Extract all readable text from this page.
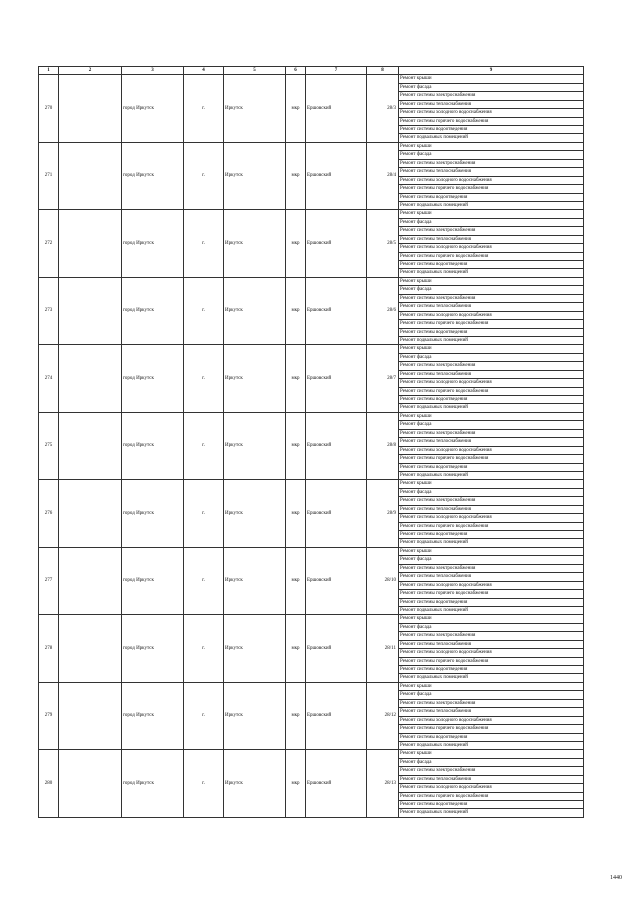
1	2	3	4	5	6	7	8	9
270		город Иркутск	г.	Иркутск	мкр	Ершовский	28/3	Ремонт крыши
								Ремонт фасада
								Ремонт системы электроснабжения
								Ремонт системы теплоснабжения
								Ремонт системы холодного водоснабжения
								Ремонт системы горячего водоснабжения
								Ремонт системы водоотведения
								Ремонт подвальных помещений
271		город Иркутск	г.	Иркутск	мкр	Ершовский	28/4	Ремонт крыши
								Ремонт фасада
								Ремонт системы электроснабжения
								Ремонт системы теплоснабжения
								Ремонт системы холодного водоснабжения
								Ремонт системы горячего водоснабжения
								Ремонт системы водоотведения
								Ремонт подвальных помещений
272		город Иркутск	г.	Иркутск	мкр	Ершовский	28/5	Ремонт крыши
								Ремонт фасада
								Ремонт системы электроснабжения
								Ремонт системы теплоснабжения
								Ремонт системы холодного водоснабжения
								Ремонт системы горячего водоснабжения
								Ремонт системы водоотведения
								Ремонт подвальных помещений
273		город Иркутск	г.	Иркутск	мкр	Ершовский	28/6	Ремонт крыши
								Ремонт фасада
								Ремонт системы электроснабжения
								Ремонт системы теплоснабжения
								Ремонт системы холодного водоснабжения
								Ремонт системы горячего водоснабжения
								Ремонт системы водоотведения
								Ремонт подвальных помещений
274		город Иркутск	г.	Иркутск	мкр	Ершовский	28/7	Ремонт крыши
								Ремонт фасада
								Ремонт системы электроснабжения
								Ремонт системы теплоснабжения
								Ремонт системы холодного водоснабжения
								Ремонт системы горячего водоснабжения
								Ремонт системы водоотведения
								Ремонт подвальных помещений
275		город Иркутск	г.	Иркутск	мкр	Ершовский	28/8	Ремонт крыши
								Ремонт фасада
								Ремонт системы электроснабжения
								Ремонт системы теплоснабжения
								Ремонт системы холодного водоснабжения
								Ремонт системы горячего водоснабжения
								Ремонт системы водоотведения
								Ремонт подвальных помещений
276		город Иркутск	г.	Иркутск	мкр	Ершовский	28/9	Ремонт крыши
								Ремонт фасада
								Ремонт системы электроснабжения
								Ремонт системы теплоснабжения
								Ремонт системы холодного водоснабжения
								Ремонт системы горячего водоснабжения
								Ремонт системы водоотведения
								Ремонт подвальных помещений
277		город Иркутск	г.	Иркутск	мкр	Ершовский	28/10	Ремонт крыши
								Ремонт фасада
								Ремонт системы электроснабжения
								Ремонт системы теплоснабжения
								Ремонт системы холодного водоснабжения
								Ремонт системы горячего водоснабжения
								Ремонт системы водоотведения
								Ремонт подвальных помещений
278		город Иркутск	г.	Иркутск	мкр	Ершовский	28/11	Ремонт крыши
								Ремонт фасада
								Ремонт системы электроснабжения
								Ремонт системы теплоснабжения
								Ремонт системы холодного водоснабжения
								Ремонт системы горячего водоснабжения
								Ремонт системы водоотведения
								Ремонт подвальных помещений
279		город Иркутск	г.	Иркутск	мкр	Ершовский	28/12	Ремонт крыши
								Ремонт фасада
								Ремонт системы электроснабжения
								Ремонт системы теплоснабжения
								Ремонт системы холодного водоснабжения
								Ремонт системы горячего водоснабжения
								Ремонт системы водоотведения
								Ремонт подвальных помещений
280		город Иркутск	г.	Иркутск	мкр	Ершовский	28/13	Ремонт крыши
								Ремонт фасада
								Ремонт системы электроснабжения
								Ремонт системы теплоснабжения
								Ремонт системы холодного водоснабжения
								Ремонт системы горячего водоснабжения
								Ремонт системы водоотведения
								Ремонт подвальных помещений
1440
